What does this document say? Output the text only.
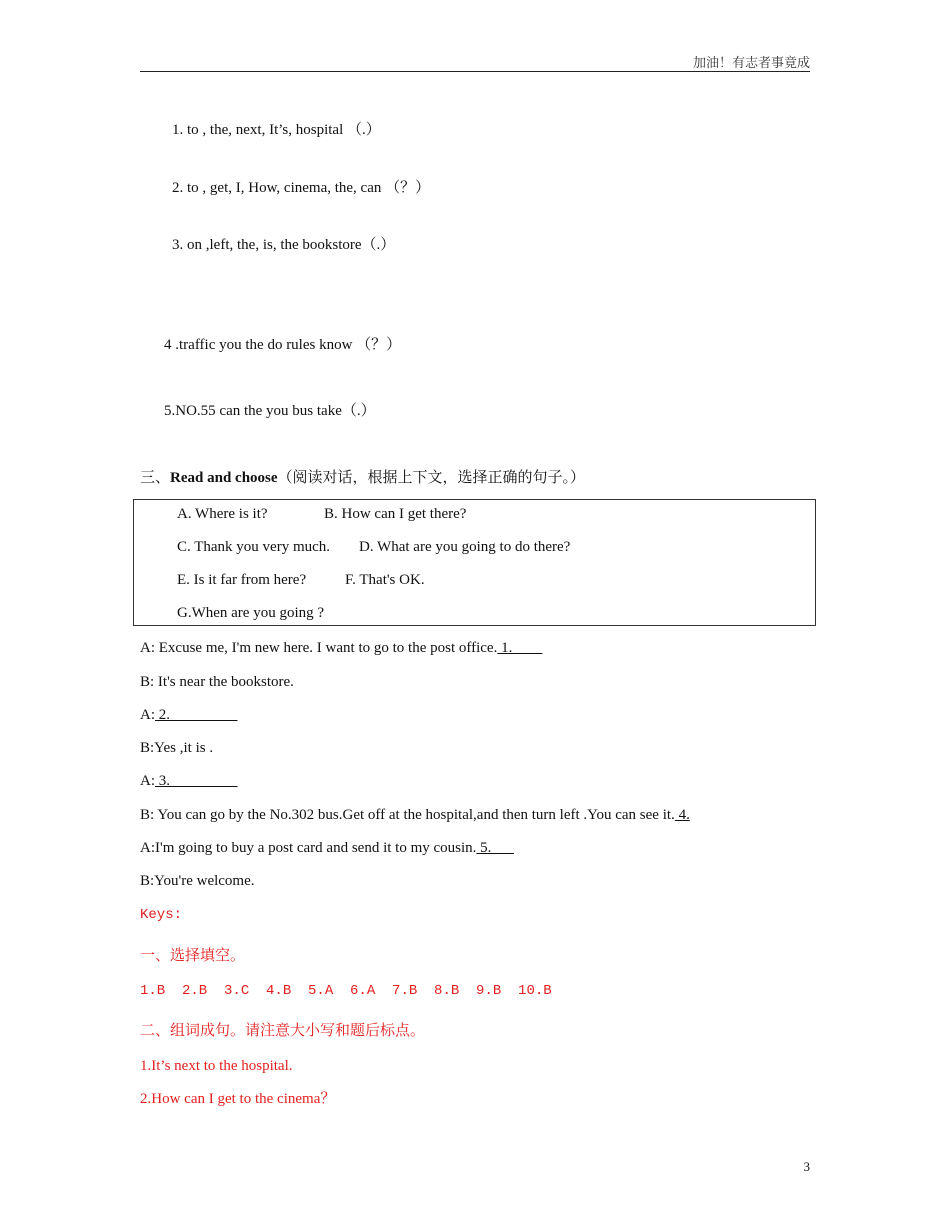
加油！有志者事竟成
1. to , the, next, It’s, hospital （.）
2. to , get, I, How, cinema, the, can （？）
3. on ,left, the, is, the bookstore（.）
4 .traffic you the do rules know （？）
5.NO.55 can the you bus take（.）
三、Read and choose（阅读对话，根据上下文，选择正确的句子。）
A. Where is it?	B. How can I get there?
C. Thank you very much. D. What are you going to do there?
E. Is it far from here?	F. That's OK.
G.When are you going ?
A: Excuse me, I'm new here. I want to go to the post office. 1.
B: It's near the bookstore.
A: 2.
B:Yes ,it is .
A: 3.
B: You can go by the No.302 bus.Get off at the hospital,and then turn left .You can see it. 4.
A:I'm going to buy a post card and send it to my cousin. 5.
B:You're welcome.
Keys:
一、选择填空。
1.B  2.B  3.C  4.B  5.A  6.A  7.B  8.B  9.B  10.B
二、组词成句。请注意大小写和题后标点。
1.It’s next to the hospital.
2.How can I get to the cinema？
3
